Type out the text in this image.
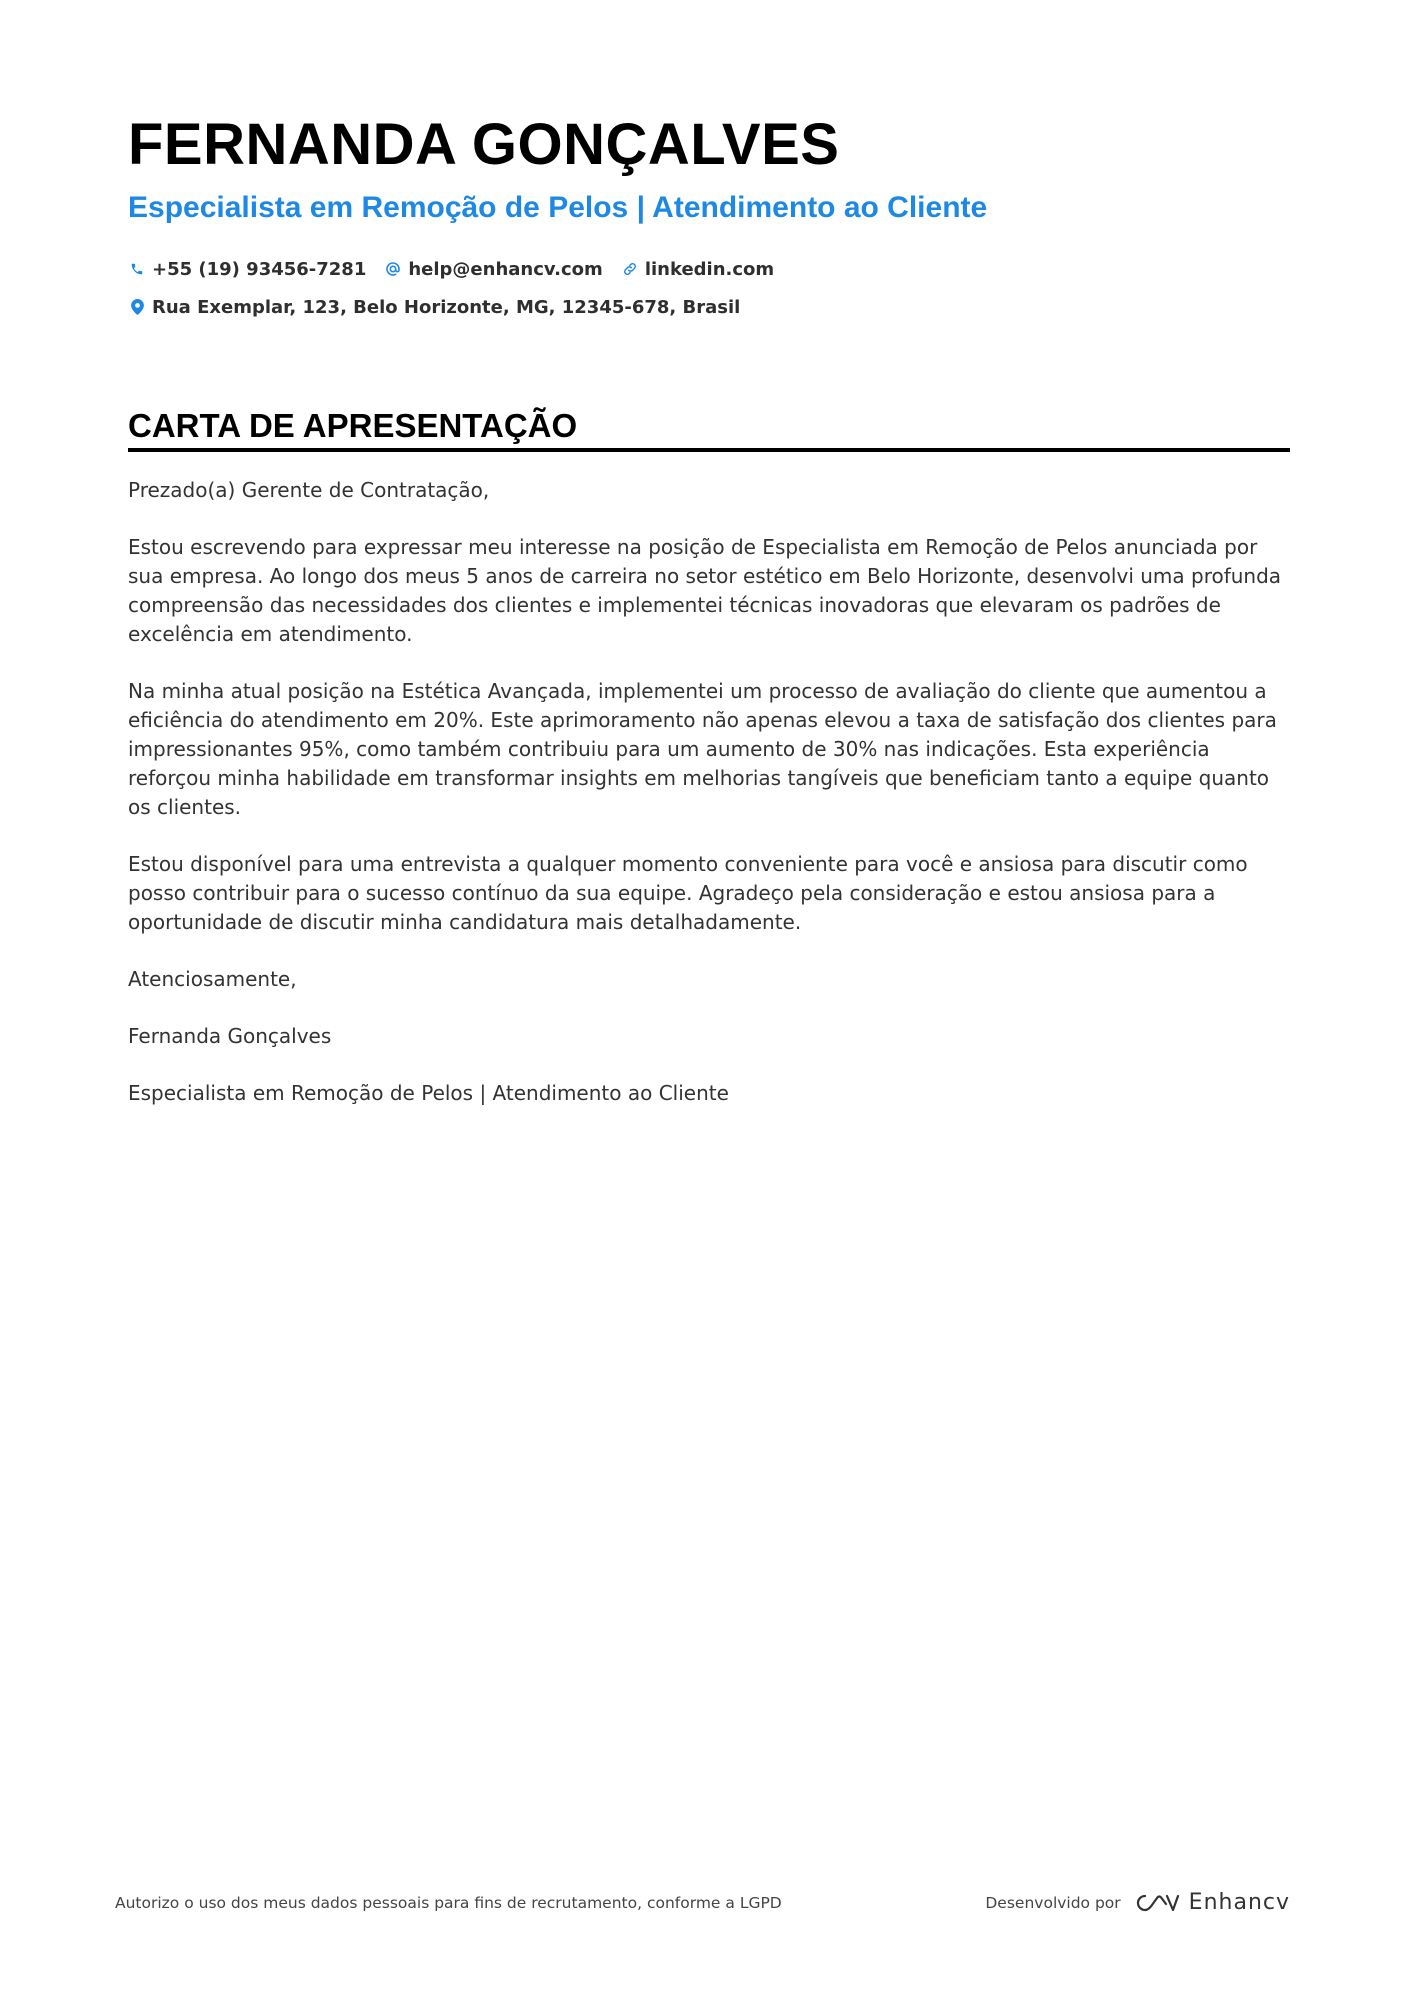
FERNANDA GONÇALVES
Especialista em Remoção de Pelos | Atendimento ao Cliente
+55 (19) 93456-7281 help@enhancv.com linkedin.com
Rua Exemplar, 123, Belo Horizonte, MG, 12345-678, Brasil
CARTA DE APRESENTAÇÃO

Prezado(a) Gerente de Contratação,

Estou escrevendo para expressar meu interesse na posição de Especialista em Remoção de Pelos anunciada por sua empresa. Ao longo dos meus 5 anos de carreira no setor estético em Belo Horizonte, desenvolvi uma profunda compreensão das necessidades dos clientes e implementei técnicas inovadoras que elevaram os padrões de excelência em atendimento.

Na minha atual posição na Estética Avançada, implementei um processo de avaliação do cliente que aumentou a eficiência do atendimento em 20%. Este aprimoramento não apenas elevou a taxa de satisfação dos clientes para impressionantes 95%, como também contribuiu para um aumento de 30% nas indicações. Esta experiência reforçou minha habilidade em transformar insights em melhorias tangíveis que beneficiam tanto a equipe quanto os clientes.

Estou disponível para uma entrevista a qualquer momento conveniente para você e ansiosa para discutir como posso contribuir para o sucesso contínuo da sua equipe. Agradeço pela consideração e estou ansiosa para a oportunidade de discutir minha candidatura mais detalhadamente.

Atenciosamente,

Fernanda Gonçalves

Especialista em Remoção de Pelos | Atendimento ao Cliente

Autorizo o uso dos meus dados pessoais para fins de recrutamento, conforme a LGPD	Desenvolvido por	Enhancv
